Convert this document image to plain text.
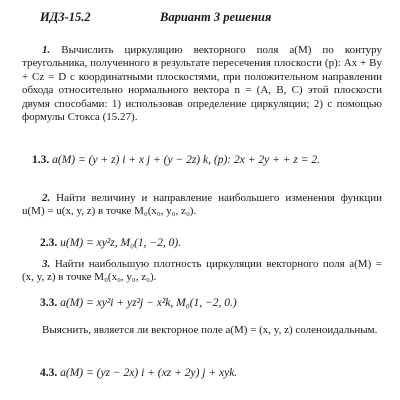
ИДЗ-15.2	Вариант 3 решения
1. Вычислить циркуляцию векторного поля a(M) по контуру треугольника, полученного в результате пересечения плоскости (p): Ax + By + Cz = D с координатными плоскостями, при положительном направлении обхода относительно нормального вектора n = (A, B, C) этой плоскости двумя способами: 1) использовав определение циркуляции; 2) с помощью формулы Стокса (15.27).
1.3. a(M) = (y + z) i + x j + (y − 2z) k, (p): 2x + 2y + + z = 2.
2. Найти величину и направление наибольшего изменения функции u(M) = u(x, y, z) в точке M₀(x₀, y₀, z₀).
2.3. u(M) = xy²z, M₀(1, −2, 0).
3. Найти наибольшую плотность циркуляции векторного поля a(M) = (x, y, z) в точке M₀(x₀, y₀, z₀).
3.3. a(M) = xy²i + yz²j − x²k, M₀(1, −2, 0.)
Выяснить, является ли векторное поле a(M) = (x, y, z) соленоидальным.
4.3. a(M) = (yz − 2x) i + (xz + 2y) j + xyk.
